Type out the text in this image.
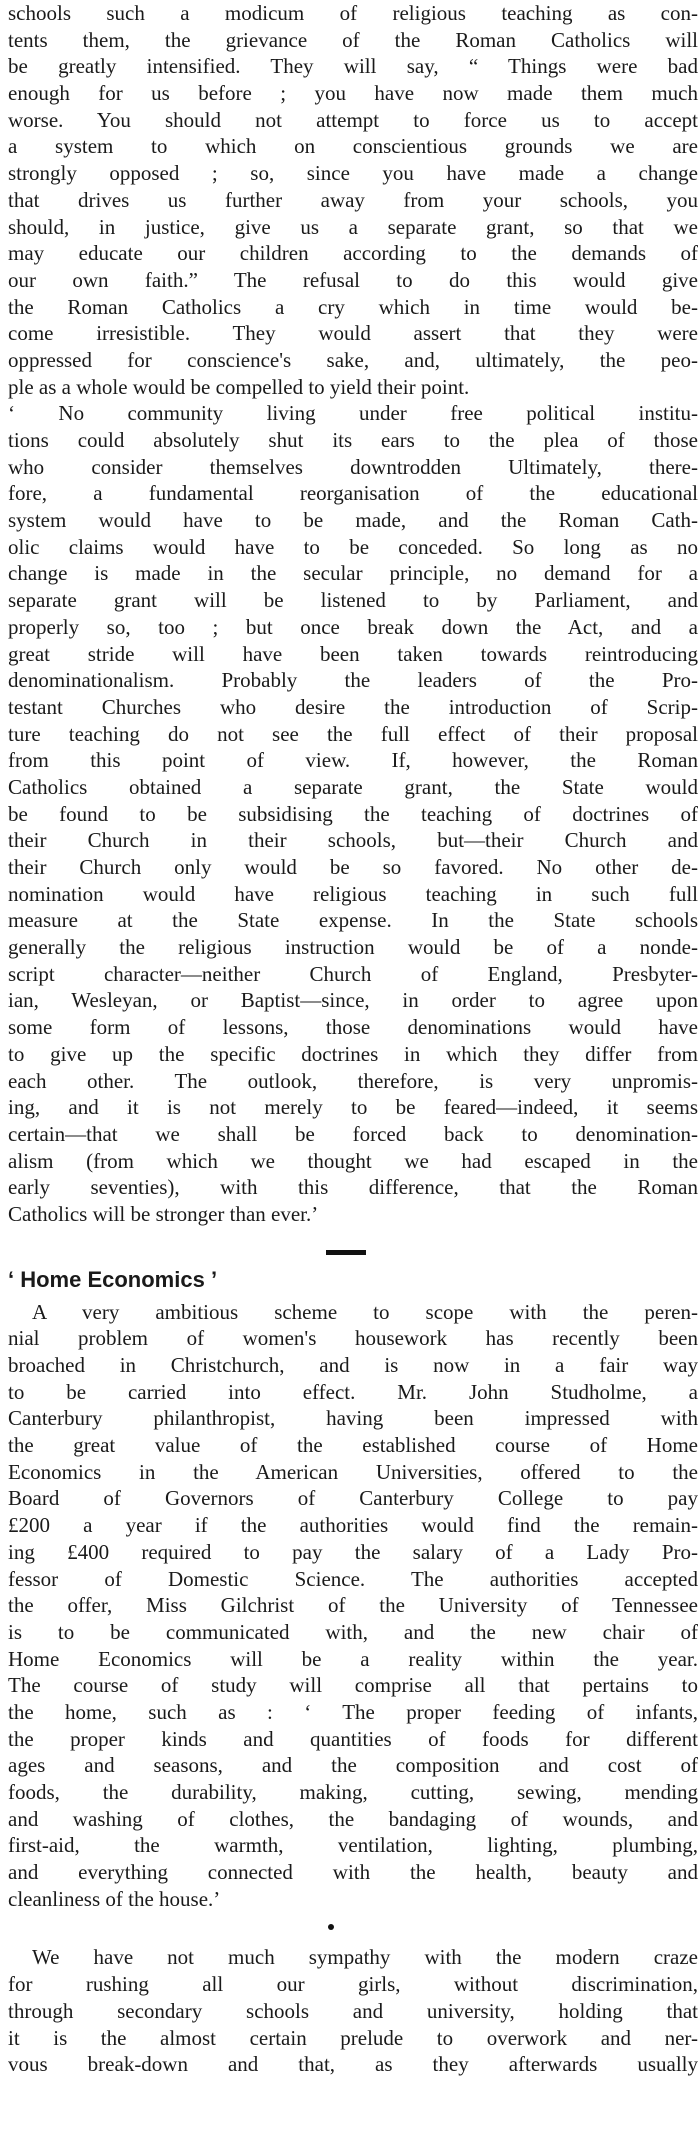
schools such a modicum of religious teaching as con-
tents them, the grievance of the Roman Catholics will
be greatly intensified. They will say, “ Things were bad
enough for us before ; you have now made them much
worse. You should not attempt to force us to accept
a system to which on conscientious grounds we are
strongly opposed ; so, since you have made a change
that drives us further away from your schools, you
should, in justice, give us a separate grant, so that we
may educate our children according to the demands of
our own faith.” The refusal to do this would give
the Roman Catholics a cry which in time would be-
come irresistible. They would assert that they were
oppressed for conscience's sake, and, ultimately, the peo-
ple as a whole would be compelled to yield their point.
‘ No community living under free political institu-
tions could absolutely shut its ears to the plea of those
who consider themselves downtrodden Ultimately, there-
fore, a fundamental reorganisation of the educational
system would have to be made, and the Roman Cath-
olic claims would have to be conceded. So long as no
change is made in the secular principle, no demand for a
separate grant will be listened to by Parliament, and
properly so, too ; but once break down the Act, and a
great stride will have been taken towards reintroducing
denominationalism. Probably the leaders of the Pro-
testant Churches who desire the introduction of Scrip-
ture teaching do not see the full effect of their proposal
from this point of view. If, however, the Roman
Catholics obtained a separate grant, the State would
be found to be subsidising the teaching of doctrines of
their Church in their schools, but—their Church and
their Church only would be so favored. No other de-
nomination would have religious teaching in such full
measure at the State expense. In the State schools
generally the religious instruction would be of a nonde-
script character—neither Church of England, Presbyter-
ian, Wesleyan, or Baptist—since, in order to agree upon
some form of lessons, those denominations would have
to give up the specific doctrines in which they differ from
each other. The outlook, therefore, is very unpromis-
ing, and it is not merely to be feared—indeed, it seems
certain—that we shall be forced back to denomination-
alism (from which we thought we had escaped in the
early seventies), with this difference, that the Roman
Catholics will be stronger than ever.’
‘ Home Economics ’
A very ambitious scheme to scope with the peren-
nial problem of women's housework has recently been
broached in Christchurch, and is now in a fair way
to be carried into effect. Mr. John Studholme, a
Canterbury philanthropist, having been impressed with
the great value of the established course of Home
Economics in the American Universities, offered to the
Board of Governors of Canterbury College to pay
£200 a year if the authorities would find the remain-
ing £400 required to pay the salary of a Lady Pro-
fessor of Domestic Science. The authorities accepted
the offer, Miss Gilchrist of the University of Tennessee
is to be communicated with, and the new chair of
Home Economics will be a reality within the year.
The course of study will comprise all that pertains to
the home, such as : ‘ The proper feeding of infants,
the proper kinds and quantities of foods for different
ages and seasons, and the composition and cost of
foods, the durability, making, cutting, sewing, mending
and washing of clothes, the bandaging of wounds, and
first-aid, the warmth, ventilation, lighting, plumbing,
and everything connected with the health, beauty and
cleanliness of the house.’
We have not much sympathy with the modern craze
for rushing all our girls, without discrimination,
through secondary schools and university, holding that
it is the almost certain prelude to overwork and ner-
vous break-down and that, as they afterwards usually
